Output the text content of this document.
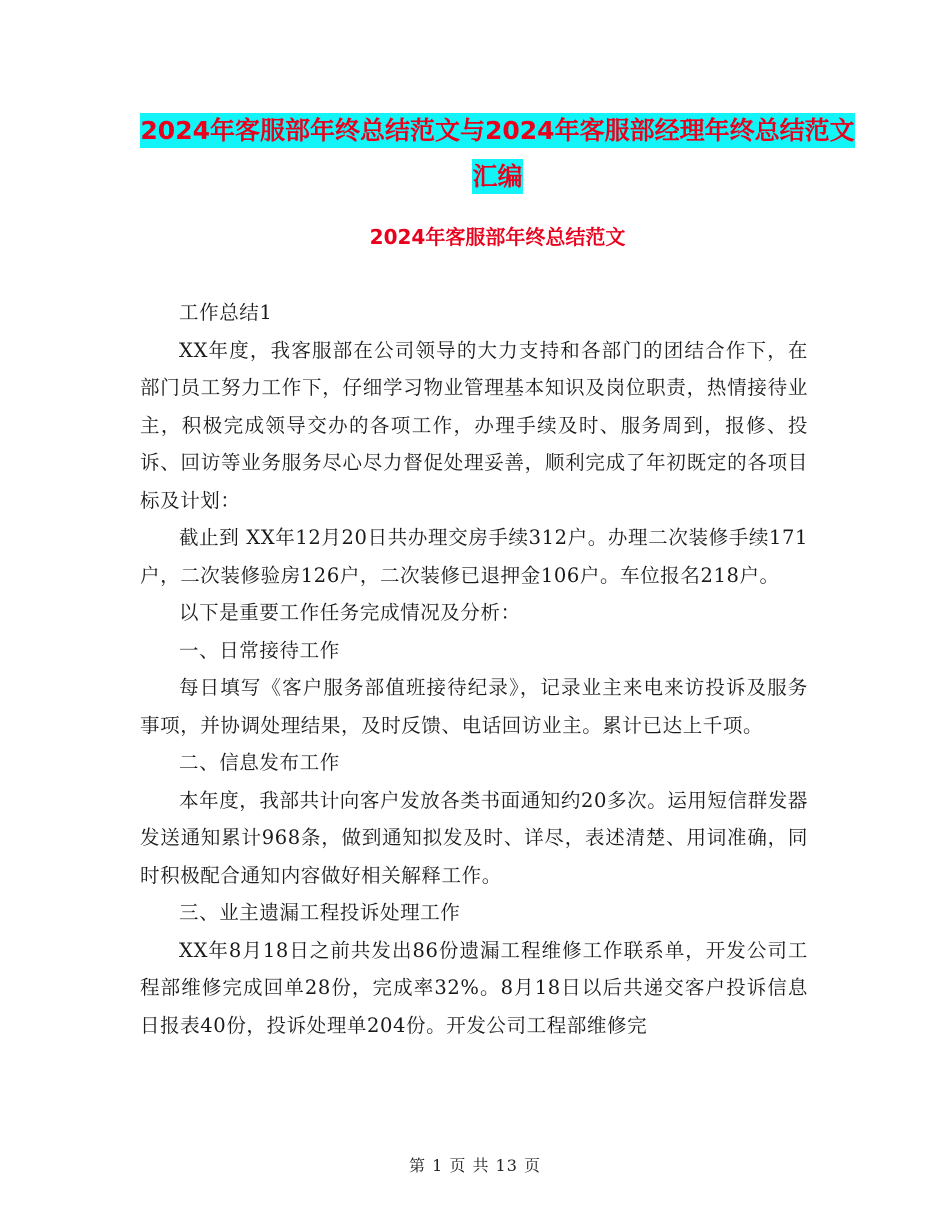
2024年客服部年终总结范文与2024年客服部经理年终总结范文汇编
2024年客服部年终总结范文

工作总结1

XX年度，我客服部在公司领导的大力支持和各部门的团结合作下，在部门员工努力工作下，仔细学习物业管理基本知识及岗位职责，热情接待业主，积极完成领导交办的各项工作，办理手续及时、服务周到，报修、投诉、回访等业务服务尽心尽力督促处理妥善，顺利完成了年初既定的各项目标及计划：

截止到 XX年12月20日共办理交房手续312户。办理二次装修手续171户，二次装修验房126户，二次装修已退押金106户。车位报名218户。

以下是重要工作任务完成情况及分析：

一、日常接待工作

每日填写《客户服务部值班接待纪录》，记录业主来电来访投诉及服务事项，并协调处理结果，及时反馈、电话回访业主。累计已达上千项。

二、信息发布工作

本年度，我部共计向客户发放各类书面通知约20多次。运用短信群发器发送通知累计968条，做到通知拟发及时、详尽，表述清楚、用词准确，同时积极配合通知内容做好相关解释工作。

三、业主遗漏工程投诉处理工作

XX年8月18日之前共发出86份遗漏工程维修工作联系单，开发公司工程部维修完成回单28份，完成率32%。8月18日以后共递交客户投诉信息日报表40份，投诉处理单204份。开发公司工程部维修完

第 1 页 共 13 页
